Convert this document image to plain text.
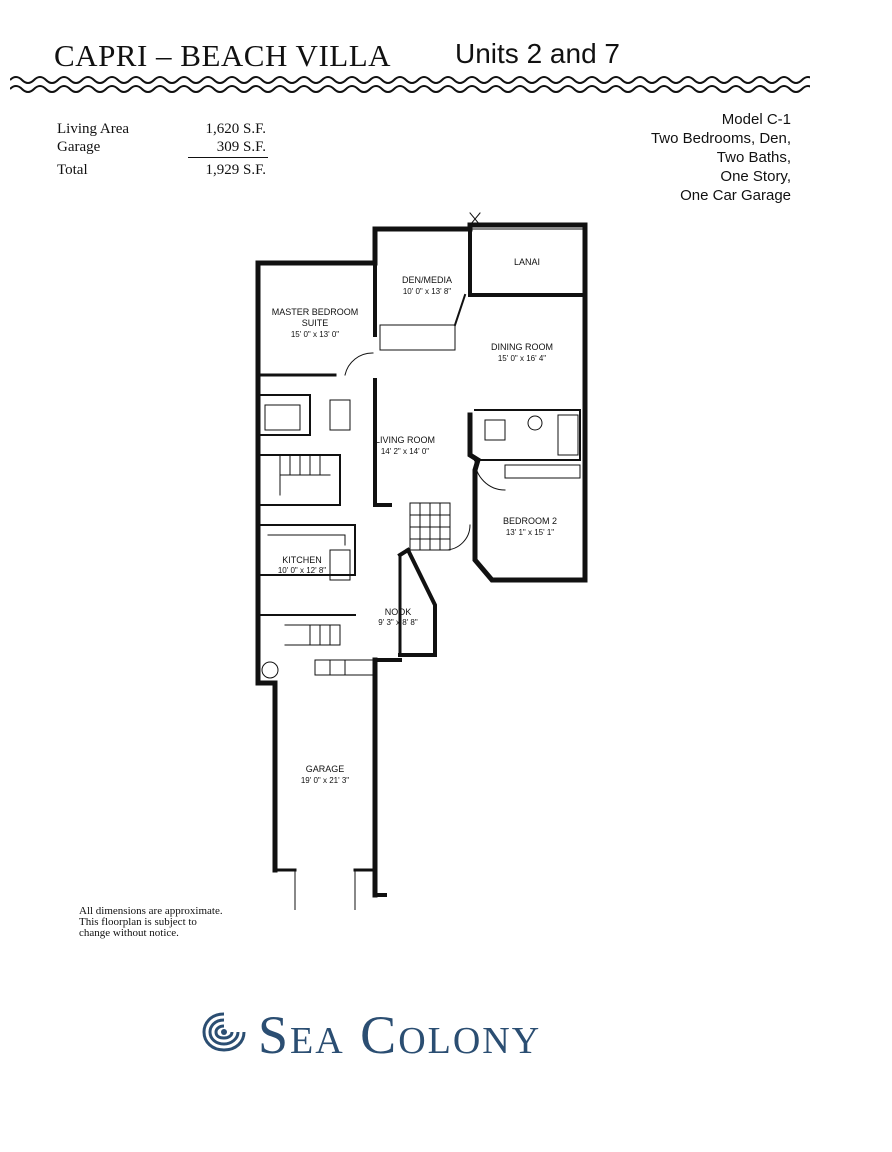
CAPRI – BEACH VILLA Units 2 and 7
Living Area	1,620 S.F.
Garage	309 S.F.
Total	1,929 S.F.
Model C-1
Two Bedrooms, Den,
Two Baths,
One Story,
One Car Garage
DEN/MEDIA
10' 0" x 13' 8"
LANAI
MASTER BEDROOM
SUITE
15' 0" x 13' 0"
DINING ROOM
15' 0" x 16' 4"
LIVING ROOM
14' 2" x 14' 0"
BEDROOM 2
13' 1" x 15' 1"
KITCHEN
10' 0" x 12' 8"
NOOK
9' 3" x 8' 8"
GARAGE
19' 0" x 21' 3"
All dimensions are approximate.
This floorplan is subject to
change without notice.
Sea Colony
